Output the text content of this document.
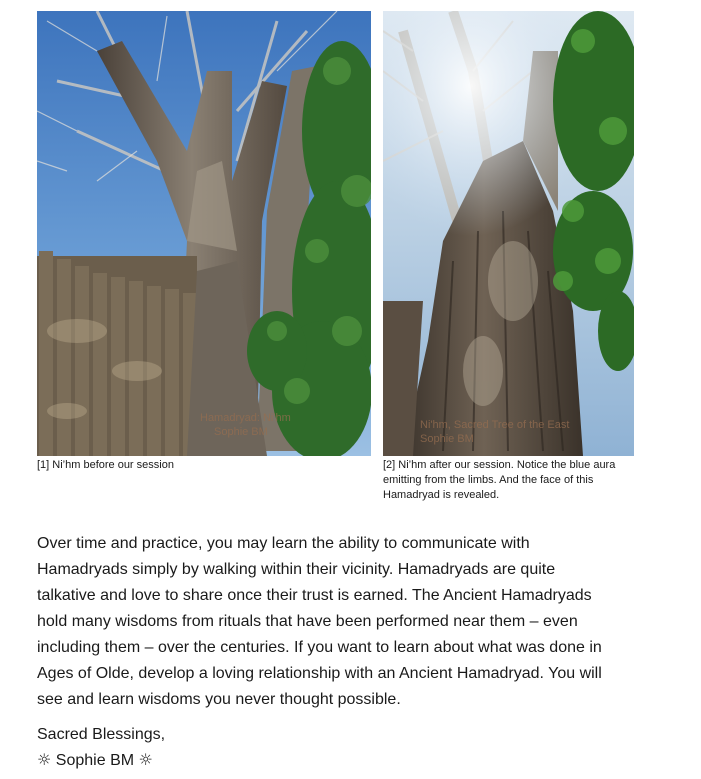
Hamadryad: Ni'hm
Sophie BM
Ni'hm, Sacred Tree of the East
Sophie BM
[1] Ni’hm before our session	[2] Ni’hm after our session. Notice the blue aura
emitting from the limbs. And the face of this
Hamadryad is revealed.
Over time and practice, you may learn the ability to communicate with
Hamadryads simply by walking within their vicinity. Hamadryads are quite
talkative and love to share once their trust is earned. The Ancient Hamadryads
hold many wisdoms from rituals that have been performed near them – even
including them – over the centuries. If you want to learn about what was done in
Ages of Olde, develop a loving relationship with an Ancient Hamadryad. You will
see and learn wisdoms you never thought possible.
Sacred Blessings,
☼ Sophie BM ☼
